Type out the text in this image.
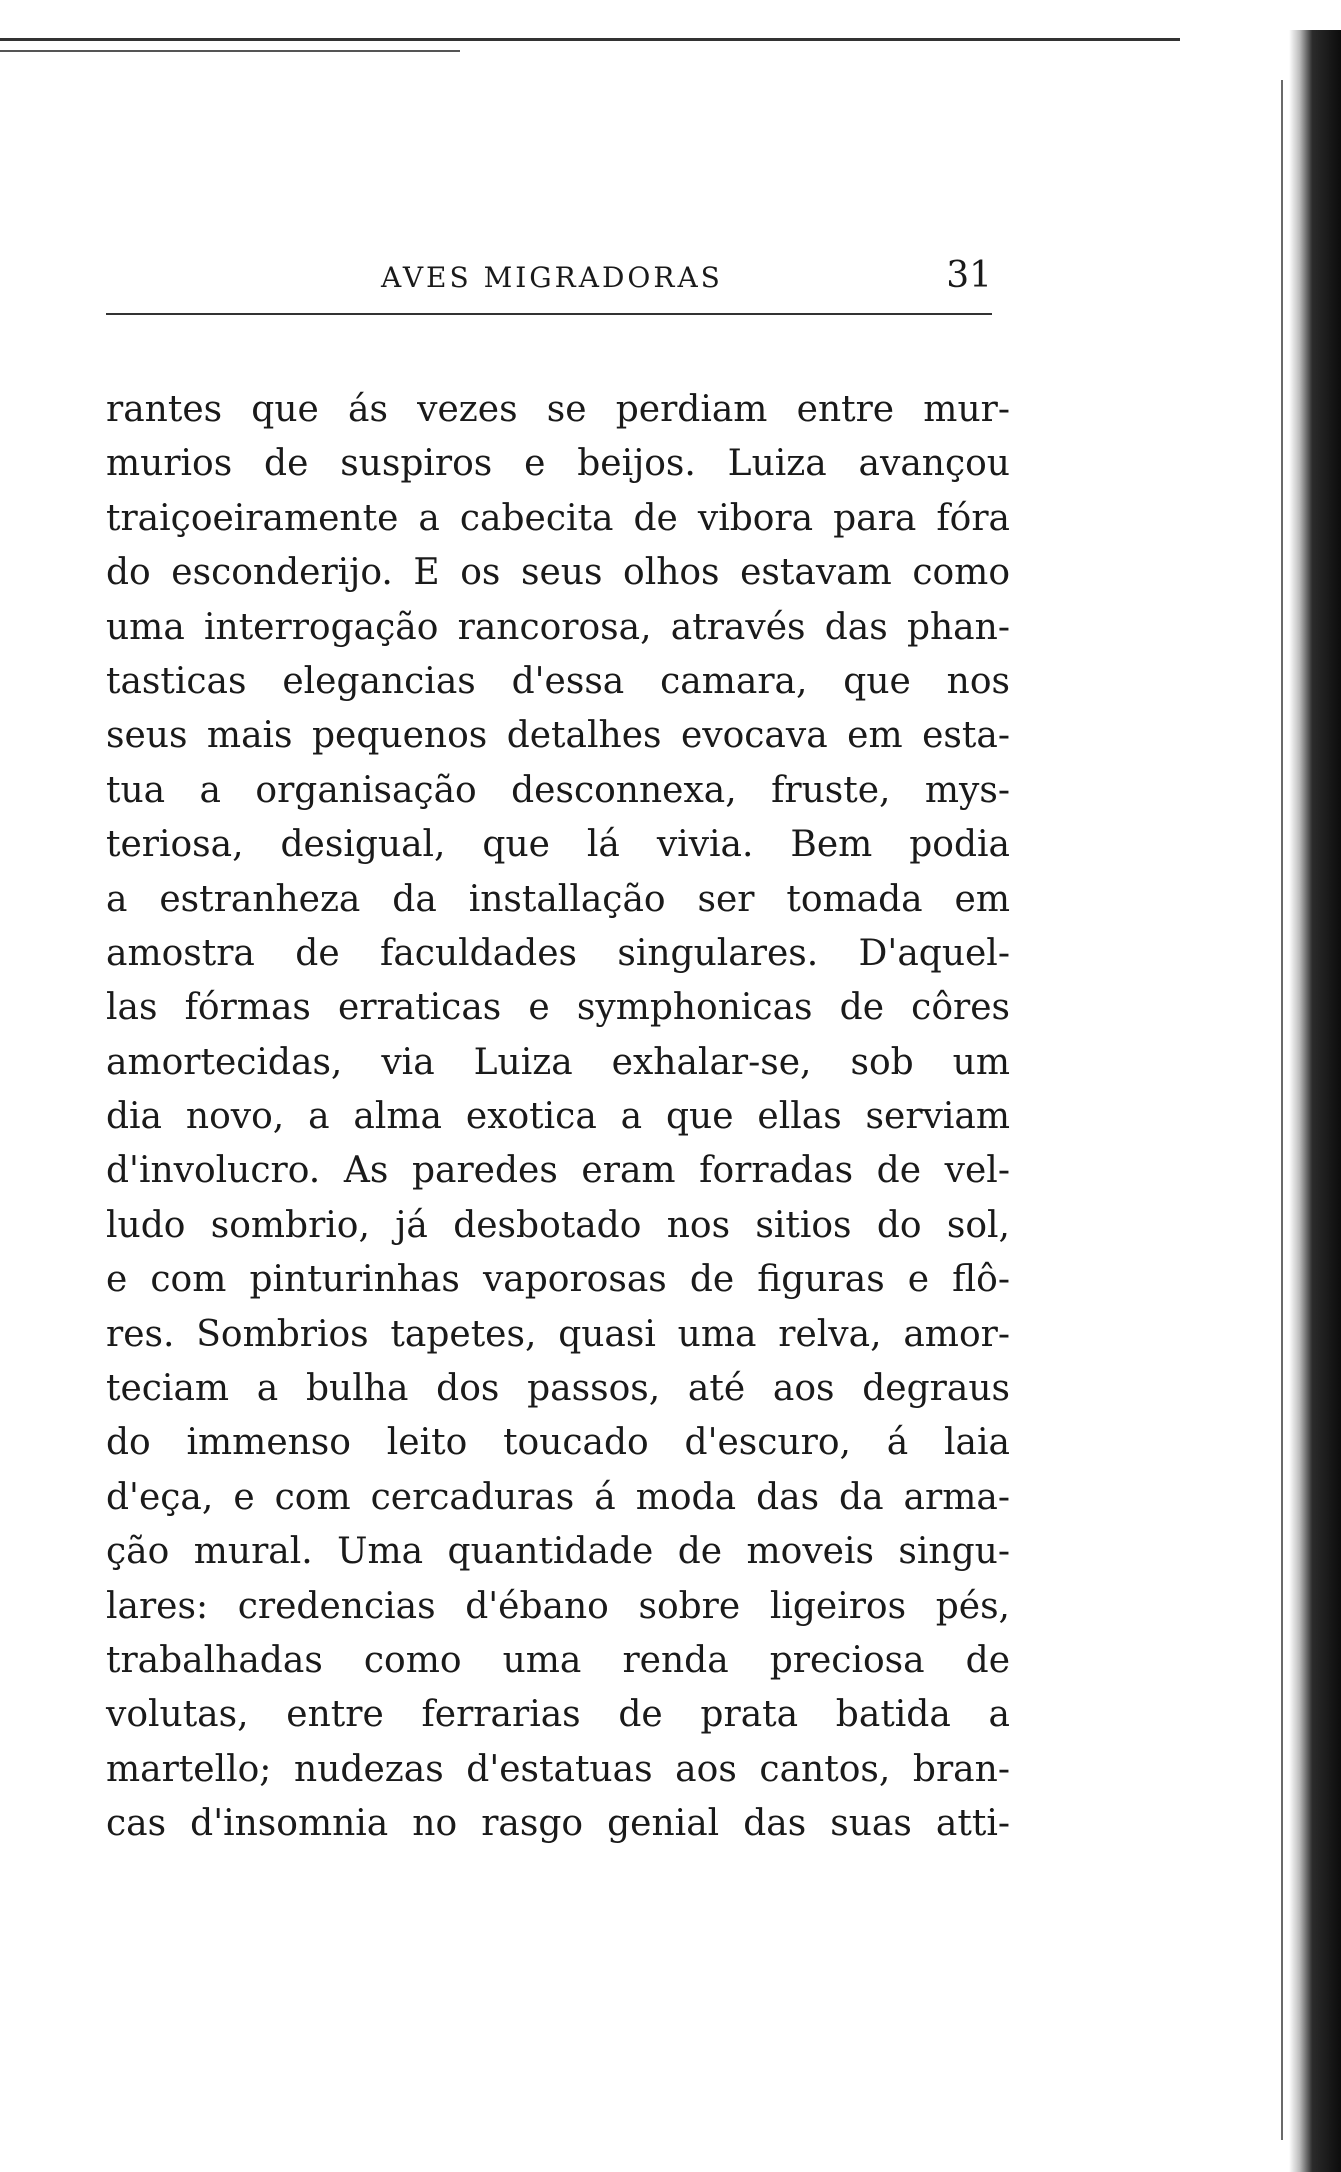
AVES MIGRADORAS	31
rantes que ás vezes se perdiam entre mur-
murios de suspiros e beijos. Luiza avançou
traiçoeiramente a cabecita de vibora para fóra
do esconderijo. E os seus olhos estavam como
uma interrogação rancorosa, através das phan-
tasticas elegancias d'essa camara, que nos
seus mais pequenos detalhes evocava em esta-
tua a organisação desconnexa, fruste, mys-
teriosa, desigual, que lá vivia. Bem podia
a estranheza da installação ser tomada em
amostra de faculdades singulares. D'aquel-
las fórmas erraticas e symphonicas de côres
amortecidas, via Luiza exhalar-se, sob um
dia novo, a alma exotica a que ellas serviam
d'involucro. As paredes eram forradas de vel-
ludo sombrio, já desbotado nos sitios do sol,
e com pinturinhas vaporosas de figuras e flô-
res. Sombrios tapetes, quasi uma relva, amor-
teciam a bulha dos passos, até aos degraus
do immenso leito toucado d'escuro, á laia
d'eça, e com cercaduras á moda das da arma-
ção mural. Uma quantidade de moveis singu-
lares: credencias d'ébano sobre ligeiros pés,
trabalhadas como uma renda preciosa de
volutas, entre ferrarias de prata batida a
martello; nudezas d'estatuas aos cantos, bran-
cas d'insomnia no rasgo genial das suas atti-
